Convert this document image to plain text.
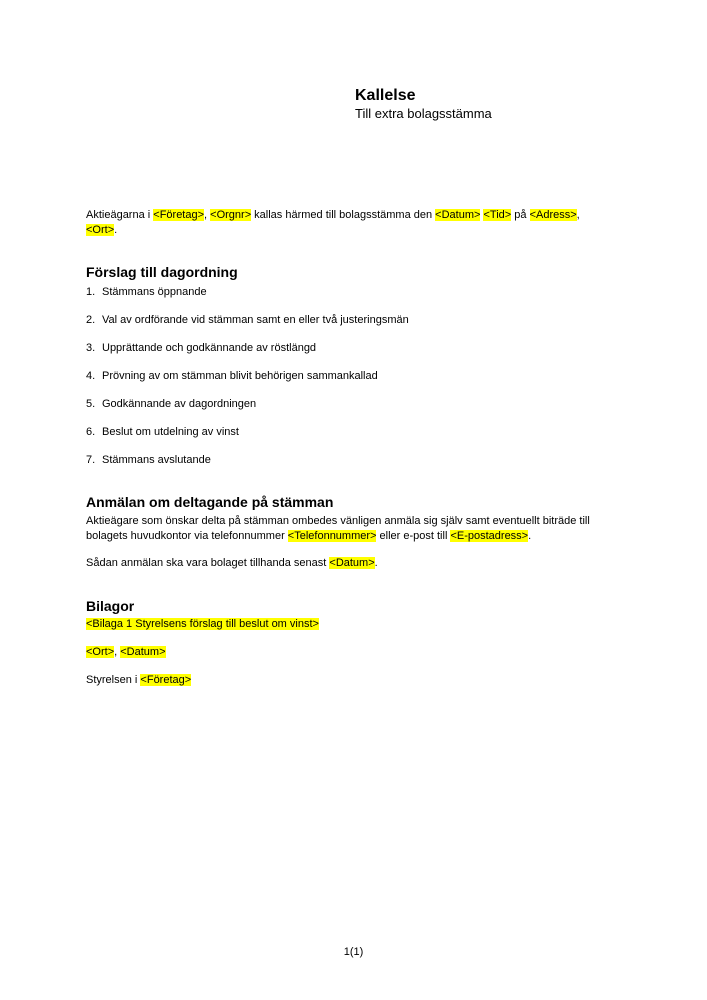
Kallelse
Till extra bolagsstämma
Aktieägarna i <Företag>, <Orgnr> kallas härmed till bolagsstämma den <Datum> <Tid> på <Adress>,
<Ort>.
Förslag till dagordning
1. Stämmans öppnande
2. Val av ordförande vid stämman samt en eller två justeringsmän
3. Upprättande och godkännande av röstlängd
4. Prövning av om stämman blivit behörigen sammankallad
5. Godkännande av dagordningen
6. Beslut om utdelning av vinst
7. Stämmans avslutande
Anmälan om deltagande på stämman
Aktieägare som önskar delta på stämman ombedes vänligen anmäla sig själv samt eventuellt biträde till bolagets huvudkontor via telefonnummer <Telefonnummer> eller e-post till <E-postadress>.
Sådan anmälan ska vara bolaget tillhanda senast <Datum>.
Bilagor
<Bilaga 1 Styrelsens förslag till beslut om vinst>
<Ort>, <Datum>
Styrelsen i <Företag>
1(1)
